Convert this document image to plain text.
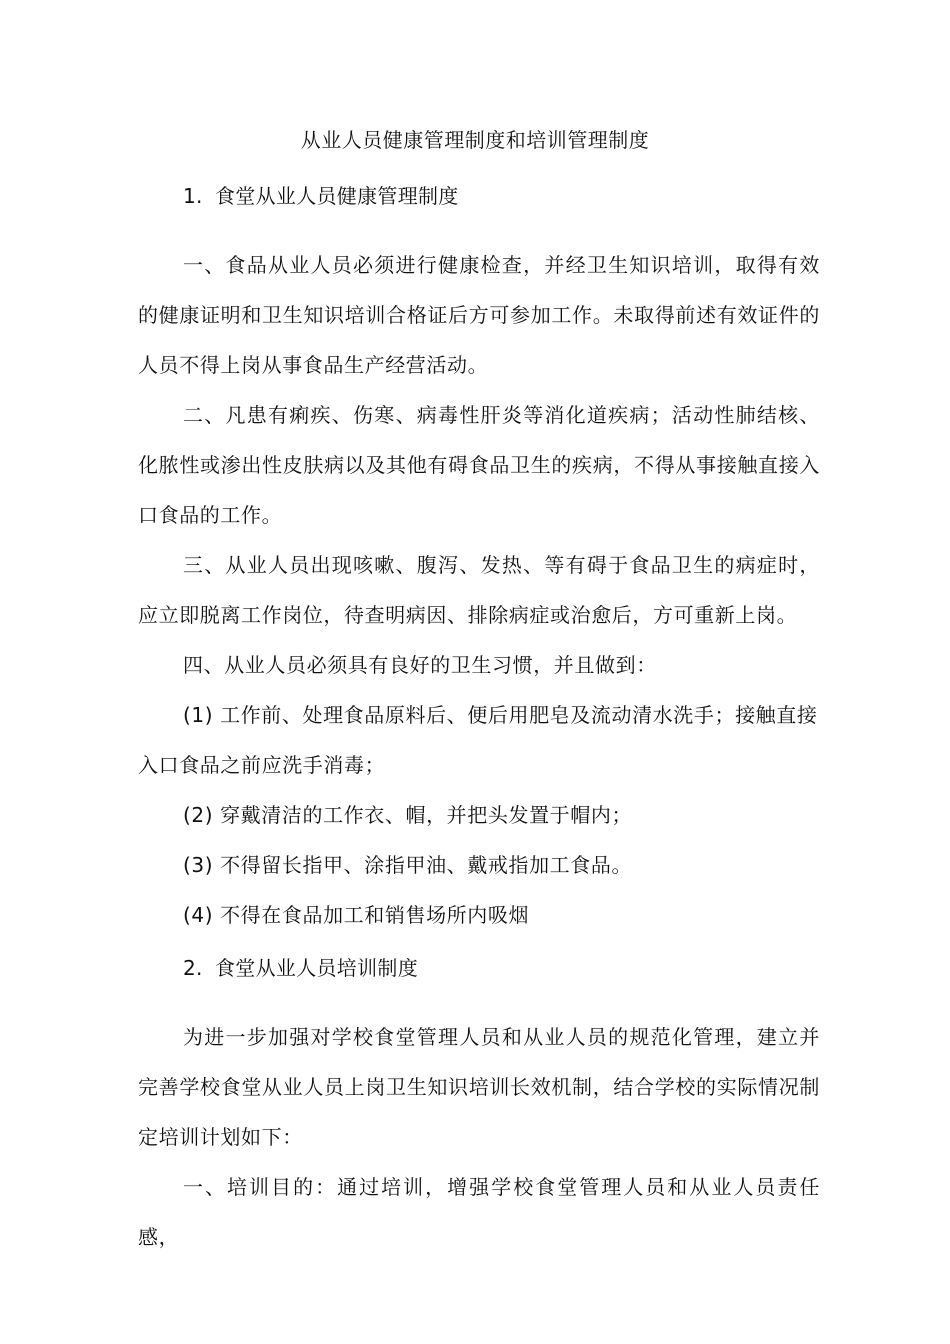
从业人员健康管理制度和培训管理制度
1. 食堂从业人员健康管理制度
一、食品从业人员必须进行健康检查，并经卫生知识培训，取得有效的健康证明和卫生知识培训合格证后方可参加工作。未取得前述有效证件的人员不得上岗从事食品生产经营活动。
二、凡患有痢疾、伤寒、病毒性肝炎等消化道疾病；活动性肺结核、化脓性或渗出性皮肤病以及其他有碍食品卫生的疾病，不得从事接触直接入口食品的工作。
三、从业人员出现咳嗽、腹泻、发热、等有碍于食品卫生的病症时，应立即脱离工作岗位，待查明病因、排除病症或治愈后，方可重新上岗。
四、从业人员必须具有良好的卫生习惯，并且做到：
(1) 工作前、处理食品原料后、便后用肥皂及流动清水洗手；接触直接入口食品之前应洗手消毒；
(2) 穿戴清洁的工作衣、帽，并把头发置于帽内；
(3) 不得留长指甲、涂指甲油、戴戒指加工食品。
(4) 不得在食品加工和销售场所内吸烟
2. 食堂从业人员培训制度
为进一步加强对学校食堂管理人员和从业人员的规范化管理，建立并完善学校食堂从业人员上岗卫生知识培训长效机制，结合学校的实际情况制定培训计划如下：
一、培训目的：通过培训，增强学校食堂管理人员和从业人员责任感，
